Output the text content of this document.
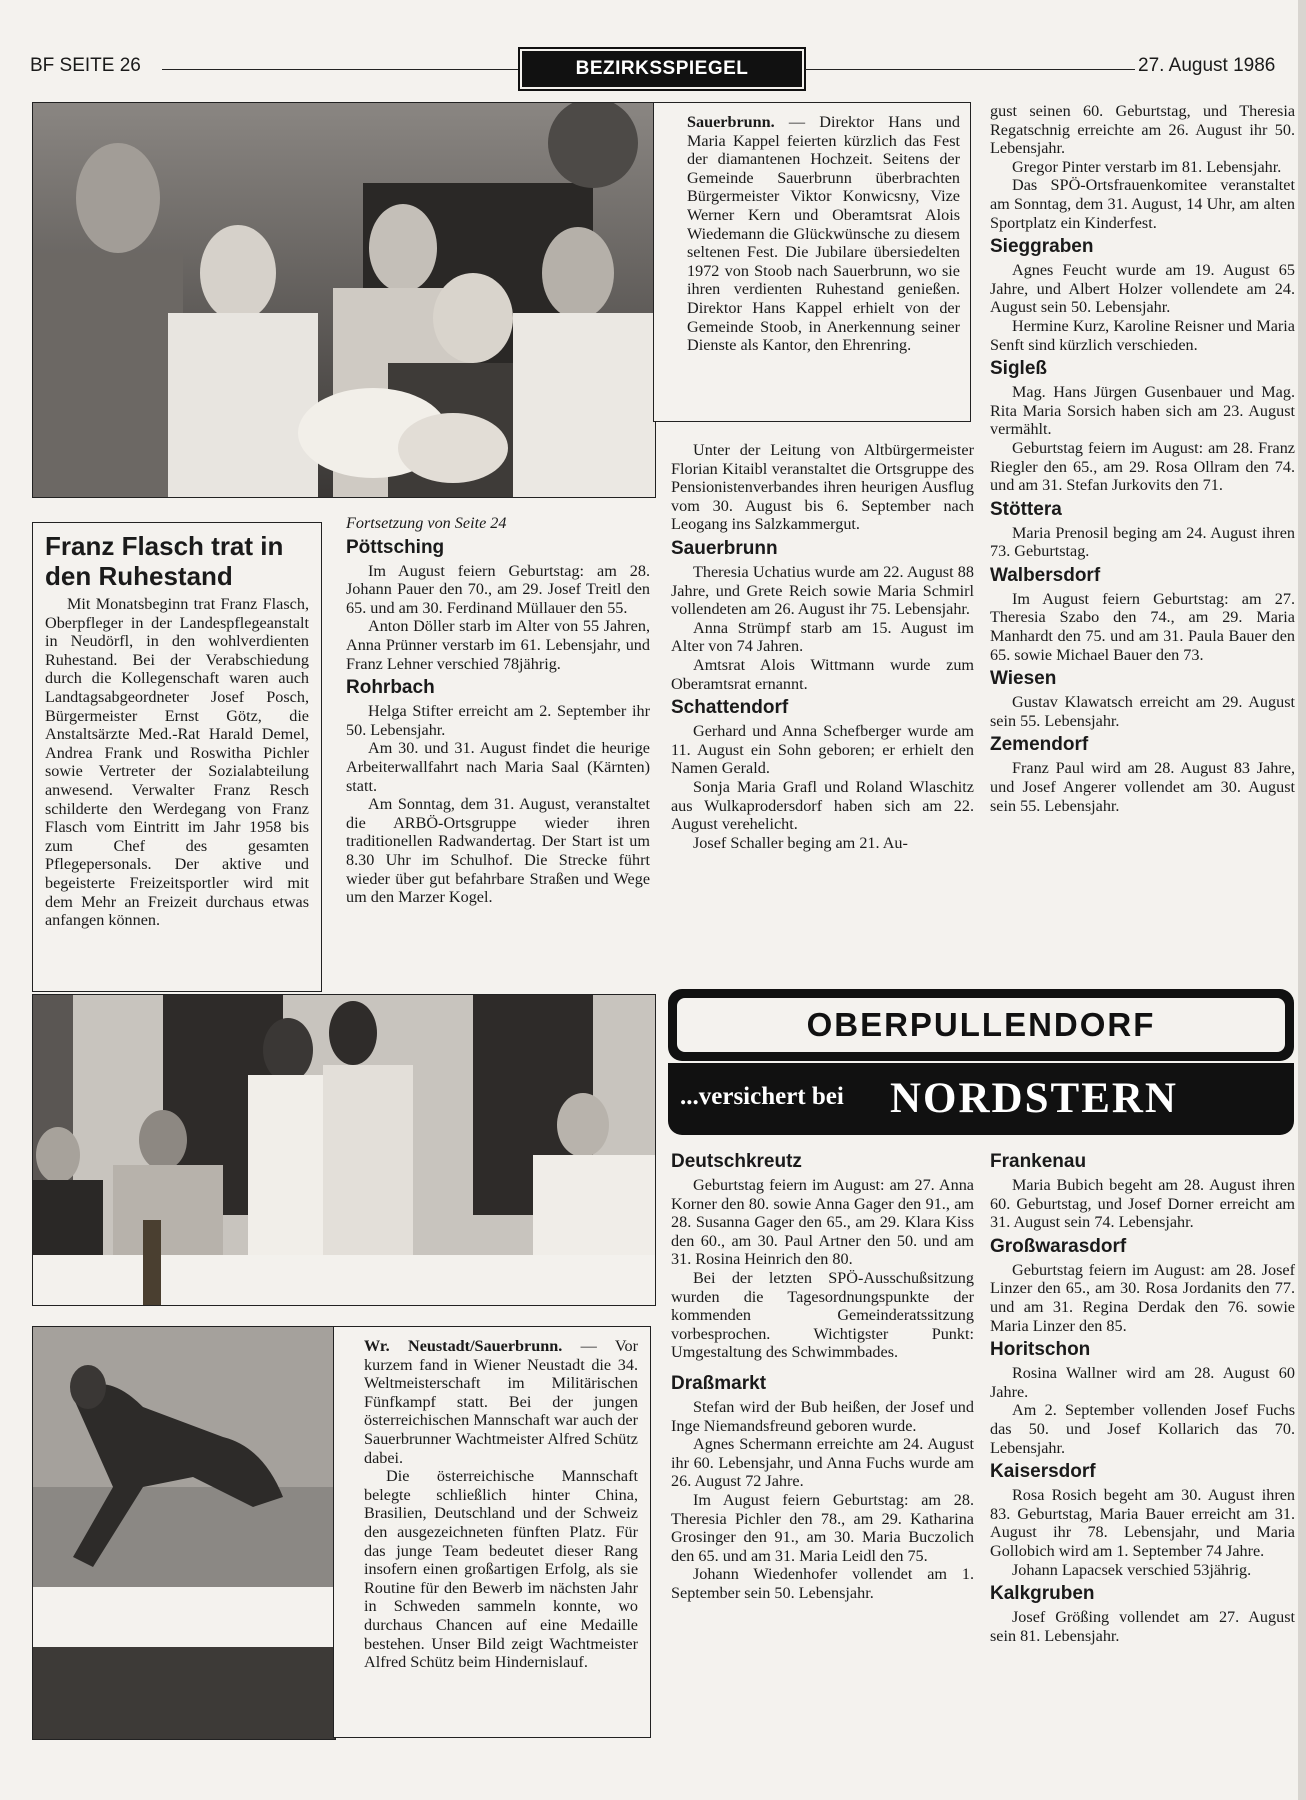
BF SEITE 26	BEZIRKSSPIEGEL	27. August 1986
Sauerbrunn. — Direktor Hans und Maria Kappel feierten kürzlich das Fest der diamantenen Hochzeit. Seitens der Gemeinde Sauerbrunn überbrachten Bürgermeister Viktor Konwicsny, Vize Werner Kern und Oberamtsrat Alois Wiedemann die Glückwünsche zu diesem seltenen Fest. Die Jubilare übersiedelten 1972 von Stoob nach Sauerbrunn, wo sie ihren verdienten Ruhestand genießen. Direktor Hans Kappel erhielt von der Gemeinde Stoob, in Anerkennung seiner Dienste als Kantor, den Ehrenring.
Franz Flasch trat in den Ruhestand

Mit Monatsbeginn trat Franz Flasch, Oberpfleger in der Landespflegeanstalt in Neudörfl, in den wohlverdienten Ruhestand. Bei der Verabschiedung durch die Kollegenschaft waren auch Landtagsabgeordneter Josef Posch, Bürgermeister Ernst Götz, die Anstaltsärzte Med.-Rat Harald Demel, Andrea Frank und Roswitha Pichler sowie Vertreter der Sozialabteilung anwesend. Verwalter Franz Resch schilderte den Werdegang von Franz Flasch vom Eintritt im Jahr 1958 bis zum Chef des gesamten Pflegepersonals. Der aktive und begeisterte Freizeitsportler wird mit dem Mehr an Freizeit durchaus etwas anfangen können.

Fortsetzung von Seite 24
Pöttsching

Im August feiern Geburtstag: am 28. Johann Pauer den 70., am 29. Josef Treitl den 65. und am 30. Ferdinand Müllauer den 55.

Anton Döller starb im Alter von 55 Jahren, Anna Prünner verstarb im 61. Lebensjahr, und Franz Lehner verschied 78jährig.

Rohrbach

Helga Stifter erreicht am 2. September ihr 50. Lebensjahr.

Am 30. und 31. August findet die heurige Arbeiterwallfahrt nach Maria Saal (Kärnten) statt.

Am Sonntag, dem 31. August, veranstaltet die ARBÖ-Ortsgruppe wieder ihren traditionellen Radwandertag. Der Start ist um 8.30 Uhr im Schulhof. Die Strecke führt wieder über gut befahrbare Straßen und Wege um den Marzer Kogel.

Unter der Leitung von Altbürgermeister Florian Kitaibl veranstaltet die Ortsgruppe des Pensionistenverbandes ihren heurigen Ausflug vom 30. August bis 6. September nach Leogang ins Salzkammergut.

Sauerbrunn

Theresia Uchatius wurde am 22. August 88 Jahre, und Grete Reich sowie Maria Schmirl vollendeten am 26. August ihr 75. Lebensjahr.

Anna Strümpf starb am 15. August im Alter von 74 Jahren.

Amtsrat Alois Wittmann wurde zum Oberamtsrat ernannt.

Schattendorf

Gerhard und Anna Schefberger wurde am 11. August ein Sohn geboren; er erhielt den Namen Gerald.

Sonja Maria Grafl und Roland Wlaschitz aus Wulkaprodersdorf haben sich am 22. August verehelicht.

Josef Schaller beging am 21. Au-

gust seinen 60. Geburtstag, und Theresia Regatschnig erreichte am 26. August ihr 50. Lebensjahr.

Gregor Pinter verstarb im 81. Lebensjahr.

Das SPÖ-Ortsfrauenkomitee veranstaltet am Sonntag, dem 31. August, 14 Uhr, am alten Sportplatz ein Kinderfest.

Sieggraben

Agnes Feucht wurde am 19. August 65 Jahre, und Albert Holzer vollendete am 24. August sein 50. Lebensjahr.

Hermine Kurz, Karoline Reisner und Maria Senft sind kürzlich verschieden.

Sigleß

Mag. Hans Jürgen Gusenbauer und Mag. Rita Maria Sorsich haben sich am 23. August vermählt.

Geburtstag feiern im August: am 28. Franz Riegler den 65., am 29. Rosa Ollram den 74. und am 31. Stefan Jurkovits den 71.

Stöttera

Maria Prenosil beging am 24. August ihren 73. Geburtstag.

Walbersdorf

Im August feiern Geburtstag: am 27. Theresia Szabo den 74., am 29. Maria Manhardt den 75. und am 31. Paula Bauer den 65. sowie Michael Bauer den 73.

Wiesen

Gustav Klawatsch erreicht am 29. August sein 55. Lebensjahr.

Zemendorf

Franz Paul wird am 28. August 83 Jahre, und Josef Angerer vollendet am 30. August sein 55. Lebensjahr.

Wr. Neustadt/Sauerbrunn. — Vor kurzem fand in Wiener Neustadt die 34. Weltmeisterschaft im Militärischen Fünfkampf statt. Bei der jungen österreichischen Mannschaft war auch der Sauerbrunner Wachtmeister Alfred Schütz dabei.

Die österreichische Mannschaft belegte schließlich hinter China, Brasilien, Deutschland und der Schweiz den ausgezeichneten fünften Platz. Für das junge Team bedeutet dieser Rang insofern einen großartigen Erfolg, als sie Routine für den Bewerb im nächsten Jahr in Schweden sammeln konnte, wo durchaus Chancen auf eine Medaille bestehen. Unser Bild zeigt Wachtmeister Alfred Schütz beim Hindernislauf.

OBERPULLENDORF
...versichert bei NORDSTERN
Deutschkreutz

Geburtstag feiern im August: am 27. Anna Korner den 80. sowie Anna Gager den 91., am 28. Susanna Gager den 65., am 29. Klara Kiss den 60., am 30. Paul Artner den 50. und am 31. Rosina Heinrich den 80.

Bei der letzten SPÖ-Ausschußsitzung wurden die Tagesordnungspunkte der kommenden Gemeinderatssitzung vorbesprochen. Wichtigster Punkt: Umgestaltung des Schwimmbades.

Draßmarkt

Stefan wird der Bub heißen, der Josef und Inge Niemandsfreund geboren wurde.

Agnes Schermann erreichte am 24. August ihr 60. Lebensjahr, und Anna Fuchs wurde am 26. August 72 Jahre.

Im August feiern Geburtstag: am 28. Theresia Pichler den 78., am 29. Katharina Grosinger den 91., am 30. Maria Buczolich den 65. und am 31. Maria Leidl den 75.

Johann Wiedenhofer vollendet am 1. September sein 50. Lebensjahr.

Frankenau

Maria Bubich begeht am 28. August ihren 60. Geburtstag, und Josef Dorner erreicht am 31. August sein 74. Lebensjahr.

Großwarasdorf

Geburtstag feiern im August: am 28. Josef Linzer den 65., am 30. Rosa Jordanits den 77. und am 31. Regina Derdak den 76. sowie Maria Linzer den 85.

Horitschon

Rosina Wallner wird am 28. August 60 Jahre.

Am 2. September vollenden Josef Fuchs das 50. und Josef Kollarich das 70. Lebensjahr.

Kaisersdorf

Rosa Rosich begeht am 30. August ihren 83. Geburtstag, Maria Bauer erreicht am 31. August ihr 78. Lebensjahr, und Maria Gollobich wird am 1. September 74 Jahre.

Johann Lapacsek verschied 53jährig.

Kalkgruben

Josef Größing vollendet am 27. August sein 81. Lebensjahr.
